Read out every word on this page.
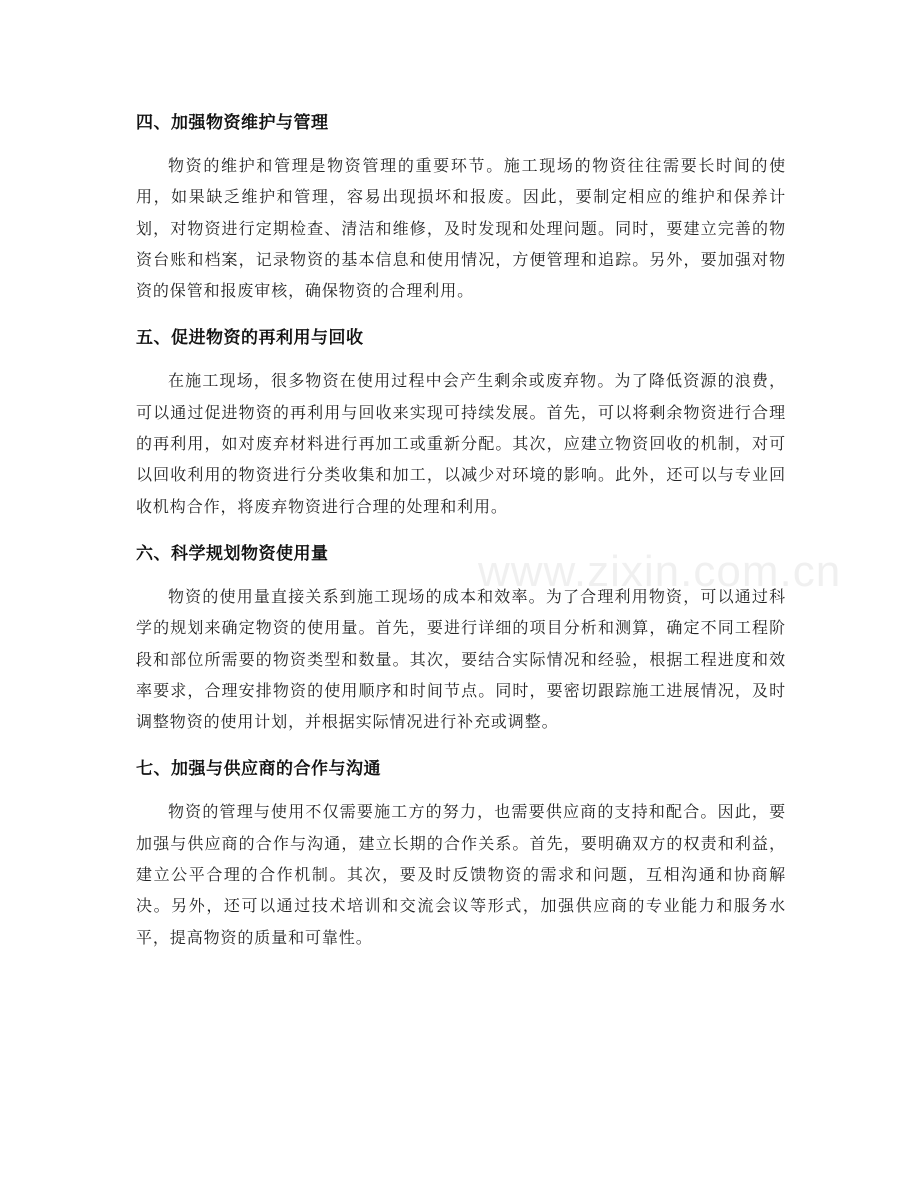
四、加强物资维护与管理

物资的维护和管理是物资管理的重要环节。施工现场的物资往往需要长时间的使用，如果缺乏维护和管理，容易出现损坏和报废。因此，要制定相应的维护和保养计划，对物资进行定期检查、清洁和维修，及时发现和处理问题。同时，要建立完善的物资台账和档案，记录物资的基本信息和使用情况，方便管理和追踪。另外，要加强对物资的保管和报废审核，确保物资的合理利用。

五、促进物资的再利用与回收

在施工现场，很多物资在使用过程中会产生剩余或废弃物。为了降低资源的浪费，可以通过促进物资的再利用与回收来实现可持续发展。首先，可以将剩余物资进行合理的再利用，如对废弃材料进行再加工或重新分配。其次，应建立物资回收的机制，对可以回收利用的物资进行分类收集和加工，以减少对环境的影响。此外，还可以与专业回收机构合作，将废弃物资进行合理的处理和利用。

六、科学规划物资使用量

物资的使用量直接关系到施工现场的成本和效率。为了合理利用物资，可以通过科学的规划来确定物资的使用量。首先，要进行详细的项目分析和测算，确定不同工程阶段和部位所需要的物资类型和数量。其次，要结合实际情况和经验，根据工程进度和效率要求，合理安排物资的使用顺序和时间节点。同时，要密切跟踪施工进展情况，及时调整物资的使用计划，并根据实际情况进行补充或调整。

七、加强与供应商的合作与沟通

物资的管理与使用不仅需要施工方的努力，也需要供应商的支持和配合。因此，要加强与供应商的合作与沟通，建立长期的合作关系。首先，要明确双方的权责和利益，建立公平合理的合作机制。其次，要及时反馈物资的需求和问题，互相沟通和协商解决。另外，还可以通过技术培训和交流会议等形式，加强供应商的专业能力和服务水平，提高物资的质量和可靠性。

www.zixin.com.cn
